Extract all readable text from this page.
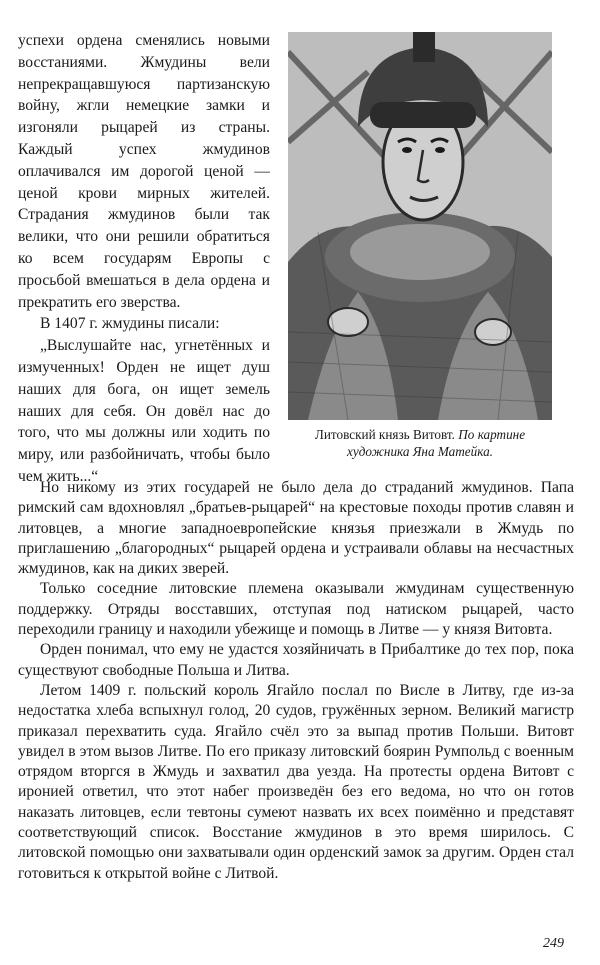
успехи ордена сменялись новыми восстаниями. Жмудины вели непрекращавшуюся партизанскую войну, жгли немецкие замки и изгоняли рыцарей из страны. Каждый успех жмудинов оплачивался им дорогой ценой — ценой крови мирных жителей. Страдания жмудинов были так велики, что они решили обратиться ко всем государям Европы с просьбой вмешаться в дела ордена и прекратить его зверства.

В 1407 г. жмудины писали:

„Выслушайте нас, угнетённых и измученных! Орден не ищет душ наших для бога, он ищет земель наших для себя. Он довёл нас до того, что мы должны или ходить по миру, или разбойничать, чтобы было чем жить...“

Литовский князь Витовт. По картине художника Яна Матейка.

Но никому из этих государей не было дела до страданий жмудинов. Папа римский сам вдохновлял „братьев-рыцарей“ на крестовые походы против славян и литовцев, а многие западноевропейские князья приезжали в Жмудь по приглашению „благородных“ рыцарей ордена и устраивали облавы на несчастных жмудинов, как на диких зверей.

Только соседние литовские племена оказывали жмудинам существенную поддержку. Отряды восставших, отступая под натиском рыцарей, часто переходили границу и находили убежище и помощь в Литве — у князя Витовта.

Орден понимал, что ему не удастся хозяйничать в Прибалтике до тех пор, пока существуют свободные Польша и Литва.

Летом 1409 г. польский король Ягайло послал по Висле в Литву, где из-за недостатка хлеба вспыхнул голод, 20 судов, гружённых зерном. Великий магистр приказал перехватить суда. Ягайло счёл это за выпад против Польши. Витовт увидел в этом вызов Литве. По его приказу литовский боярин Румпольд с военным отрядом вторгся в Жмудь и захватил два уезда. На протесты ордена Витовт с иронией ответил, что этот набег произведён без его ведома, но что он готов наказать литовцев, если тевтоны сумеют назвать их всех поимённо и представят соответствующий список. Восстание жмудинов в это время ширилось. С литовской помощью они захватывали один орденский замок за другим. Орден стал готовиться к открытой войне с Литвой.

249
